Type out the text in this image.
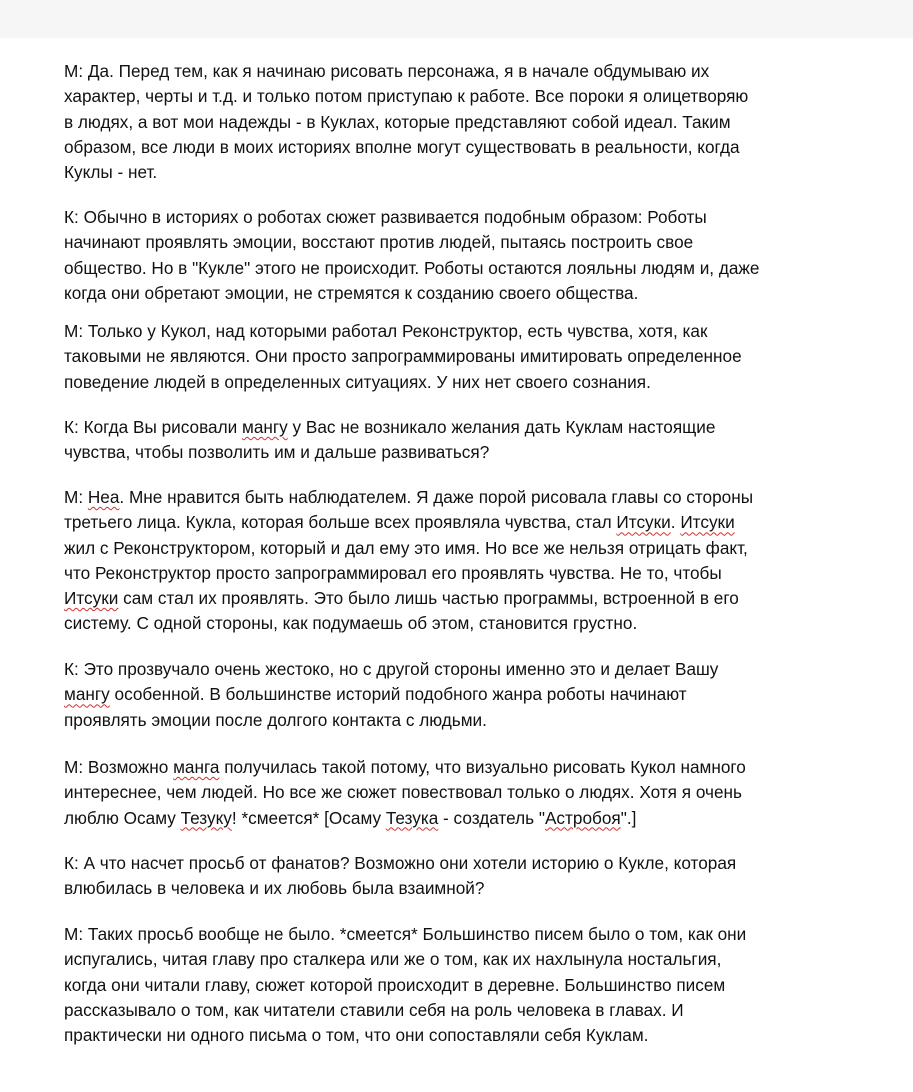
М: Да. Перед тем, как я начинаю рисовать персонажа, я в начале обдумываю их
характер, черты и т.д. и только потом приступаю к работе. Все пороки я олицетворяю
в людях, а вот мои надежды - в Куклах, которые представляют собой идеал. Таким
образом, все люди в моих историях вполне могут существовать в реальности, когда
Куклы - нет.
К: Обычно в историях о роботах сюжет развивается подобным образом: Роботы
начинают проявлять эмоции, восстают против людей, пытаясь построить свое
общество. Но в "Кукле" этого не происходит. Роботы остаются лояльны людям и, даже
когда они обретают эмоции, не стремятся к созданию своего общества.
М: Только у Кукол, над которыми работал Реконструктор, есть чувства, хотя, как
таковыми не являются. Они просто запрограммированы имитировать определенное
поведение людей в определенных ситуациях. У них нет своего сознания.
К: Когда Вы рисовали мангу у Вас не возникало желания дать Куклам настоящие
чувства, чтобы позволить им и дальше развиваться?
М: Неа. Мне нравится быть наблюдателем. Я даже порой рисовала главы со стороны
третьего лица. Кукла, которая больше всех проявляла чувства, стал Итсуки. Итсуки
жил с Реконструктором, который и дал ему это имя. Но все же нельзя отрицать факт,
что Реконструктор просто запрограммировал его проявлять чувства. Не то, чтобы
Итсуки сам стал их проявлять. Это было лишь частью программы, встроенной в его
систему. С одной стороны, как подумаешь об этом, становится грустно.
К: Это прозвучало очень жестоко, но с другой стороны именно это и делает Вашу
мангу особенной. В большинстве историй подобного жанра роботы начинают
проявлять эмоции после долгого контакта с людьми.
М: Возможно манга получилась такой потому, что визуально рисовать Кукол намного
интереснее, чем людей. Но все же сюжет повествовал только о людях. Хотя я очень
люблю Осаму Тезуку! *смеется* [Осаму Тезука - создатель "Астробоя".]
К: А что насчет просьб от фанатов? Возможно они хотели историю о Кукле, которая
влюбилась в человека и их любовь была взаимной?
М: Таких просьб вообще не было. *смеется* Большинство писем было о том, как они
испугались, читая главу про сталкера или же о том, как их нахлынула ностальгия,
когда они читали главу, сюжет которой происходит в деревне. Большинство писем
рассказывало о том, как читатели ставили себя на роль человека в главах. И
практически ни одного письма о том, что они сопоставляли себя Куклам.
